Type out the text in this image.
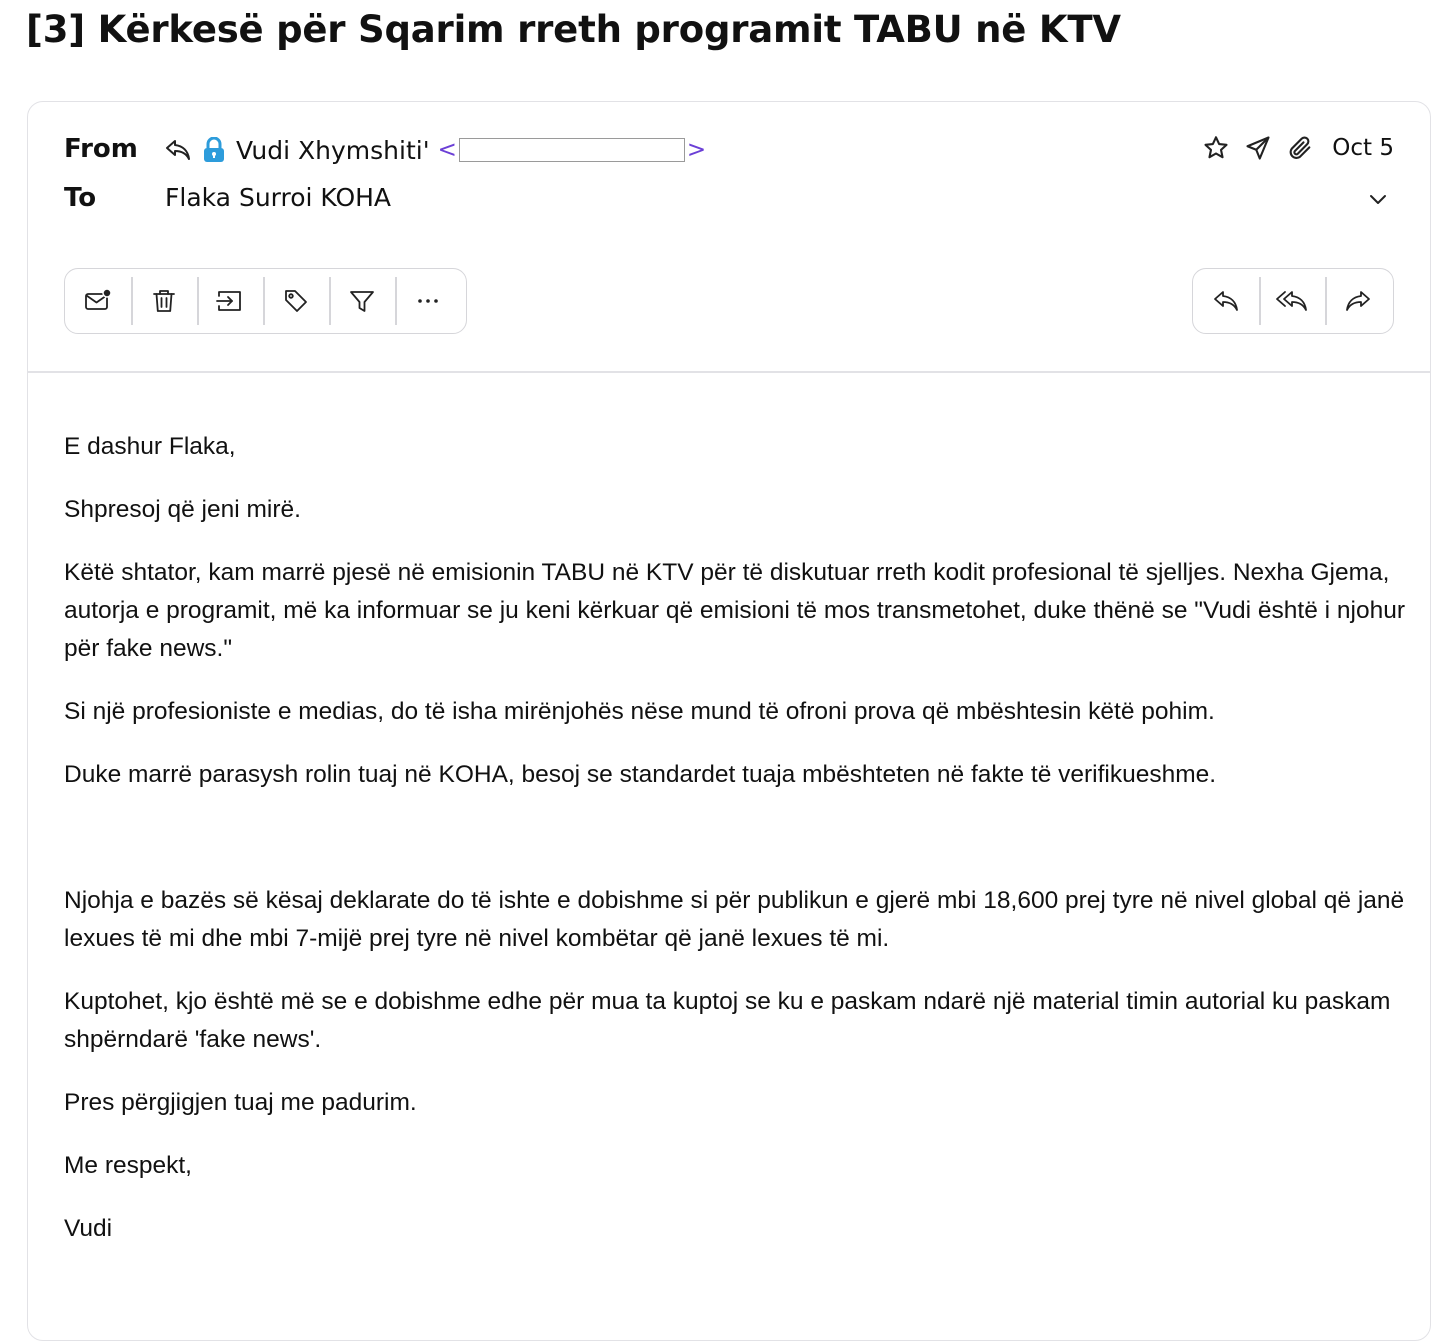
[3] Kërkesë për Sqarim rreth programit TABU në KTV
From
To
Vudi Xhymshiti' <	>
Flaka Surroi KOHA
Oct 5

E dashur Flaka,

Shpresoj që jeni mirë.

Këtë shtator, kam marrë pjesë në emisionin TABU në KTV për të diskutuar rreth kodit profesional të sjelljes. Nexha Gjema, autorja e programit, më ka informuar se ju keni kërkuar që emisioni të mos transmetohet, duke thënë se "Vudi është i njohur për fake news."

Si një profesioniste e medias, do të isha mirënjohës nëse mund të ofroni prova që mbështesin këtë pohim.

Duke marrë parasysh rolin tuaj në KOHA, besoj se standardet tuaja mbështeten në fakte të verifikueshme.

Njohja e bazës së kësaj deklarate do të ishte e dobishme si për publikun e gjerë mbi 18,600 prej tyre në nivel global që janë lexues të mi dhe mbi 7-mijë prej tyre në nivel kombëtar që janë lexues të mi.

Kuptohet, kjo është më se e dobishme edhe për mua ta kuptoj se ku e paskam ndarë një material timin autorial ku paskam shpërndarë 'fake news'.

Pres përgjigjen tuaj me padurim.

Me respekt,

Vudi
